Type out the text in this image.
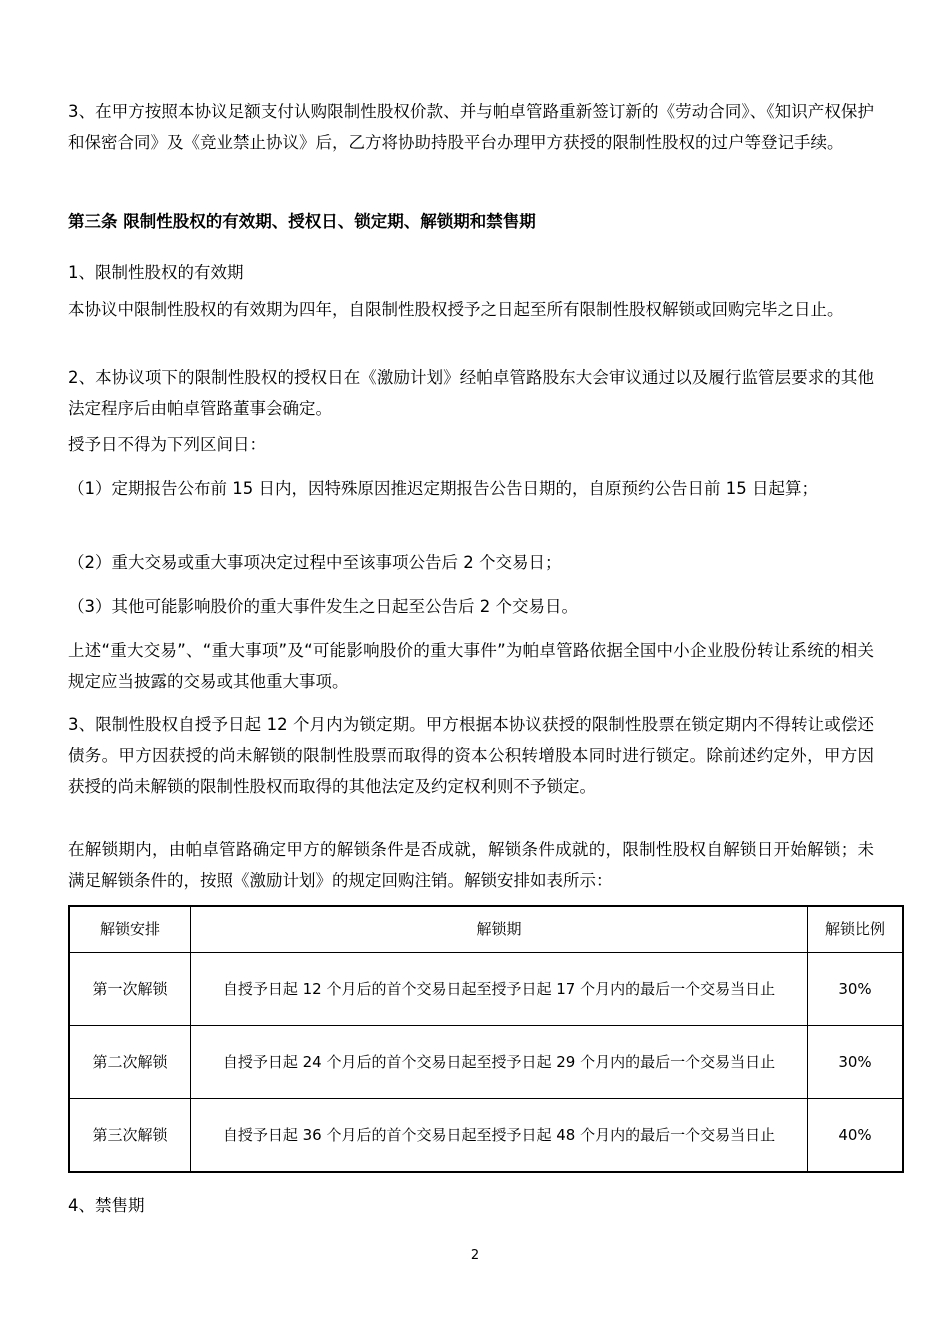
3、在甲方按照本协议足额支付认购限制性股权价款、并与帕卓管路重新签订新的《劳动合同》、《知识产权保护和保密合同》及《竞业禁止协议》后，乙方将协助持股平台办理甲方获授的限制性股权的过户等登记手续。

第三条 限制性股权的有效期、授权日、锁定期、解锁期和禁售期

1、限制性股权的有效期

本协议中限制性股权的有效期为四年，自限制性股权授予之日起至所有限制性股权解锁或回购完毕之日止。

2、本协议项下的限制性股权的授权日在《激励计划》经帕卓管路股东大会审议通过以及履行监管层要求的其他法定程序后由帕卓管路董事会确定。

授予日不得为下列区间日：

（1）定期报告公布前 15 日内，因特殊原因推迟定期报告公告日期的，自原预约公告日前 15 日起算；

（2）重大交易或重大事项决定过程中至该事项公告后 2 个交易日；

（3）其他可能影响股价的重大事件发生之日起至公告后 2 个交易日。

上述“重大交易”、“重大事项”及“可能影响股价的重大事件”为帕卓管路依据全国中小企业股份转让系统的相关规定应当披露的交易或其他重大事项。

3、限制性股权自授予日起 12 个月内为锁定期。甲方根据本协议获授的限制性股票在锁定期内不得转让或偿还债务。甲方因获授的尚未解锁的限制性股票而取得的资本公积转增股本同时进行锁定。除前述约定外，甲方因获授的尚未解锁的限制性股权而取得的其他法定及约定权利则不予锁定。

在解锁期内，由帕卓管路确定甲方的解锁条件是否成就，解锁条件成就的，限制性股权自解锁日开始解锁；未满足解锁条件的，按照《激励计划》的规定回购注销。解锁安排如表所示：

解锁安排	解锁期	解锁比例
第一次解锁	自授予日起 12 个月后的首个交易日起至授予日起 17 个月内的最后一个交易当日止	30%
第二次解锁	自授予日起 24 个月后的首个交易日起至授予日起 29 个月内的最后一个交易当日止	30%
第三次解锁	自授予日起 36 个月后的首个交易日起至授予日起 48 个月内的最后一个交易当日止	40%

4、禁售期

2
